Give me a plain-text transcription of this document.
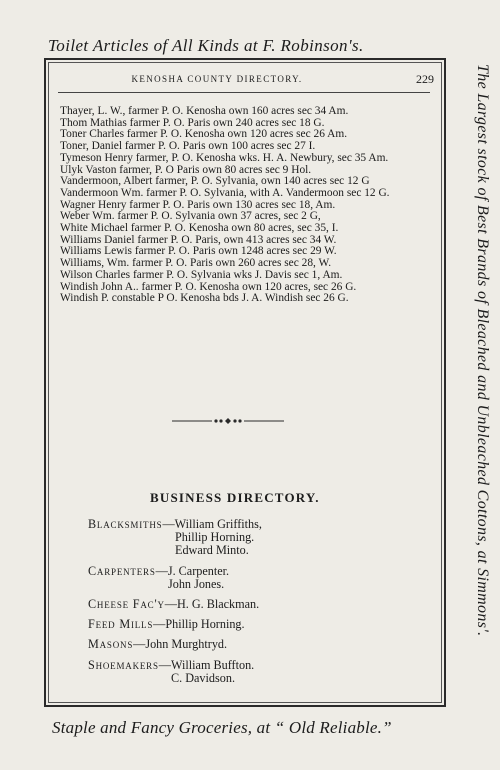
Toilet Articles of All Kinds at F. Robinson's.
The Largest stock of Best Brands of Bleached and Unbleached Cottons, at Simmons'.
KENOSHA COUNTY DIRECTORY.	229
Thayer, L. W., farmer P. O. Kenosha own 160 acres sec 34 Am.
Thom Mathias farmer P. O. Paris own 240 acres sec 18 G.
Toner Charles farmer P. O. Kenosha own 120 acres sec 26 Am.
Toner, Daniel farmer P. O. Paris own 100 acres sec 27 I.
Tymeson Henry farmer, P. O. Kenosha wks. H. A. Newbury, sec 35 Am.
Ulyk Vaston farmer, P. O Paris own 80 acres sec 9 Hol.
Vandermoon, Albert farmer, P. O. Sylvania, own 140 acres sec 12 G
Vandermoon Wm. farmer P. O. Sylvania, with A. Vandermoon sec 12 G.
Wagner Henry farmer P. O. Paris own 130 acres sec 18, Am.
Weber Wm. farmer P. O. Sylvania own 37 acres, sec 2 G,
White Michael farmer P. O. Kenosha own 80 acres, sec 35, I.
Williams Daniel farmer P. O. Paris, own 413 acres sec 34 W.
Williams Lewis farmer P. O. Paris own 1248 acres sec 29 W.
Williams, Wm. farmer P. O. Paris own 260 acres sec 28, W.
Wilson Charles farmer P. O. Sylvania wks J. Davis sec 1, Am.
Windish John A.. farmer P. O. Kenosha own 120 acres, sec 26 G.
Windish P. constable P O. Kenosha bds J. A. Windish sec 26 G.
BUSINESS DIRECTORY.
Blacksmiths — William Griffiths,
Phillip Horning.
Edward Minto.
Carpenters — J. Carpenter.
John Jones.
Cheese Fac'y — H. G. Blackman.
Feed Mills — Phillip Horning.
Masons — John Murghtryd.
Shoemakers — William Buffton.
C. Davidson.
Staple and Fancy Groceries, at “ Old Reliable.”
